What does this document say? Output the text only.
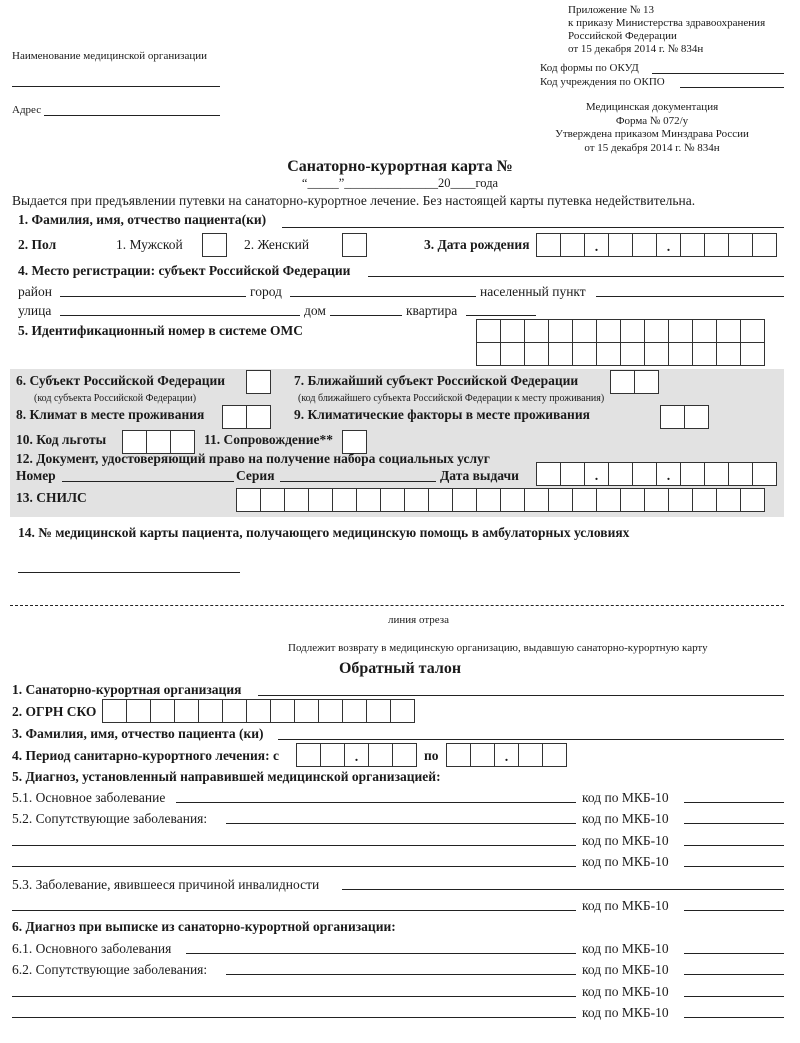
Приложение № 13
к приказу Министерства здравоохранения
Российской Федерации
от 15 декабря 2014 г. № 834н
Наименование медицинской организации
Адрес
Код формы по ОКУД
Код учреждения по ОКПО
Медицинская документация
Форма № 072/у
Утверждена приказом Минздрава России
от 15 декабря 2014 г. № 834н
Санаторно-курортная карта №
“_____”_______________20____года
Выдается при предъявлении путевки на санаторно-курортное лечение. Без настоящей карты путевка недействительна.
1. Фамилия, имя, отчество пациента(ки)
2. Пол	1. Мужской	2. Женский	3. Дата рождения	.	.
4. Место регистрации: субъект Российской Федерации
район	город	населенный пункт
улица	дом	квартира
5. Идентификационный номер в системе ОМС
6. Субъект Российской Федерации
(код субъекта Российской Федерации)
7. Ближайший субъект Российской Федерации
(код ближайшего субъекта Российской Федерации к месту проживания)
8. Климат в месте проживания	9. Климатические факторы в месте проживания
10. Код льготы	11. Сопровождение**
12. Документ, удостоверяющий право на получение набора социальных услуг
Номер	Серия	Дата выдачи	.	.
13. СНИЛС
14. № медицинской карты пациента, получающего медицинскую помощь в амбулаторных условиях
линия отреза
Подлежит возврату в медицинскую организацию, выдавшую санаторно-курортную карту
Обратный талон
1. Санаторно-курортная организация
2. ОГРН СКО
3. Фамилия, имя, отчество пациента (ки)
4. Период санитарно-курортного лечения: с	.	по	.
5. Диагноз, установленный направившей медицинской организацией:
5.1. Основное заболевание	код по МКБ-10
5.2. Сопутствующие заболевания:	код по МКБ-10
код по МКБ-10
код по МКБ-10
5.3. Заболевание, явившееся причиной инвалидности
код по МКБ-10
6. Диагноз при выписке из санаторно-курортной организации:
6.1. Основного заболевания	код по МКБ-10
6.2. Сопутствующие заболевания:	код по МКБ-10
код по МКБ-10
код по МКБ-10
